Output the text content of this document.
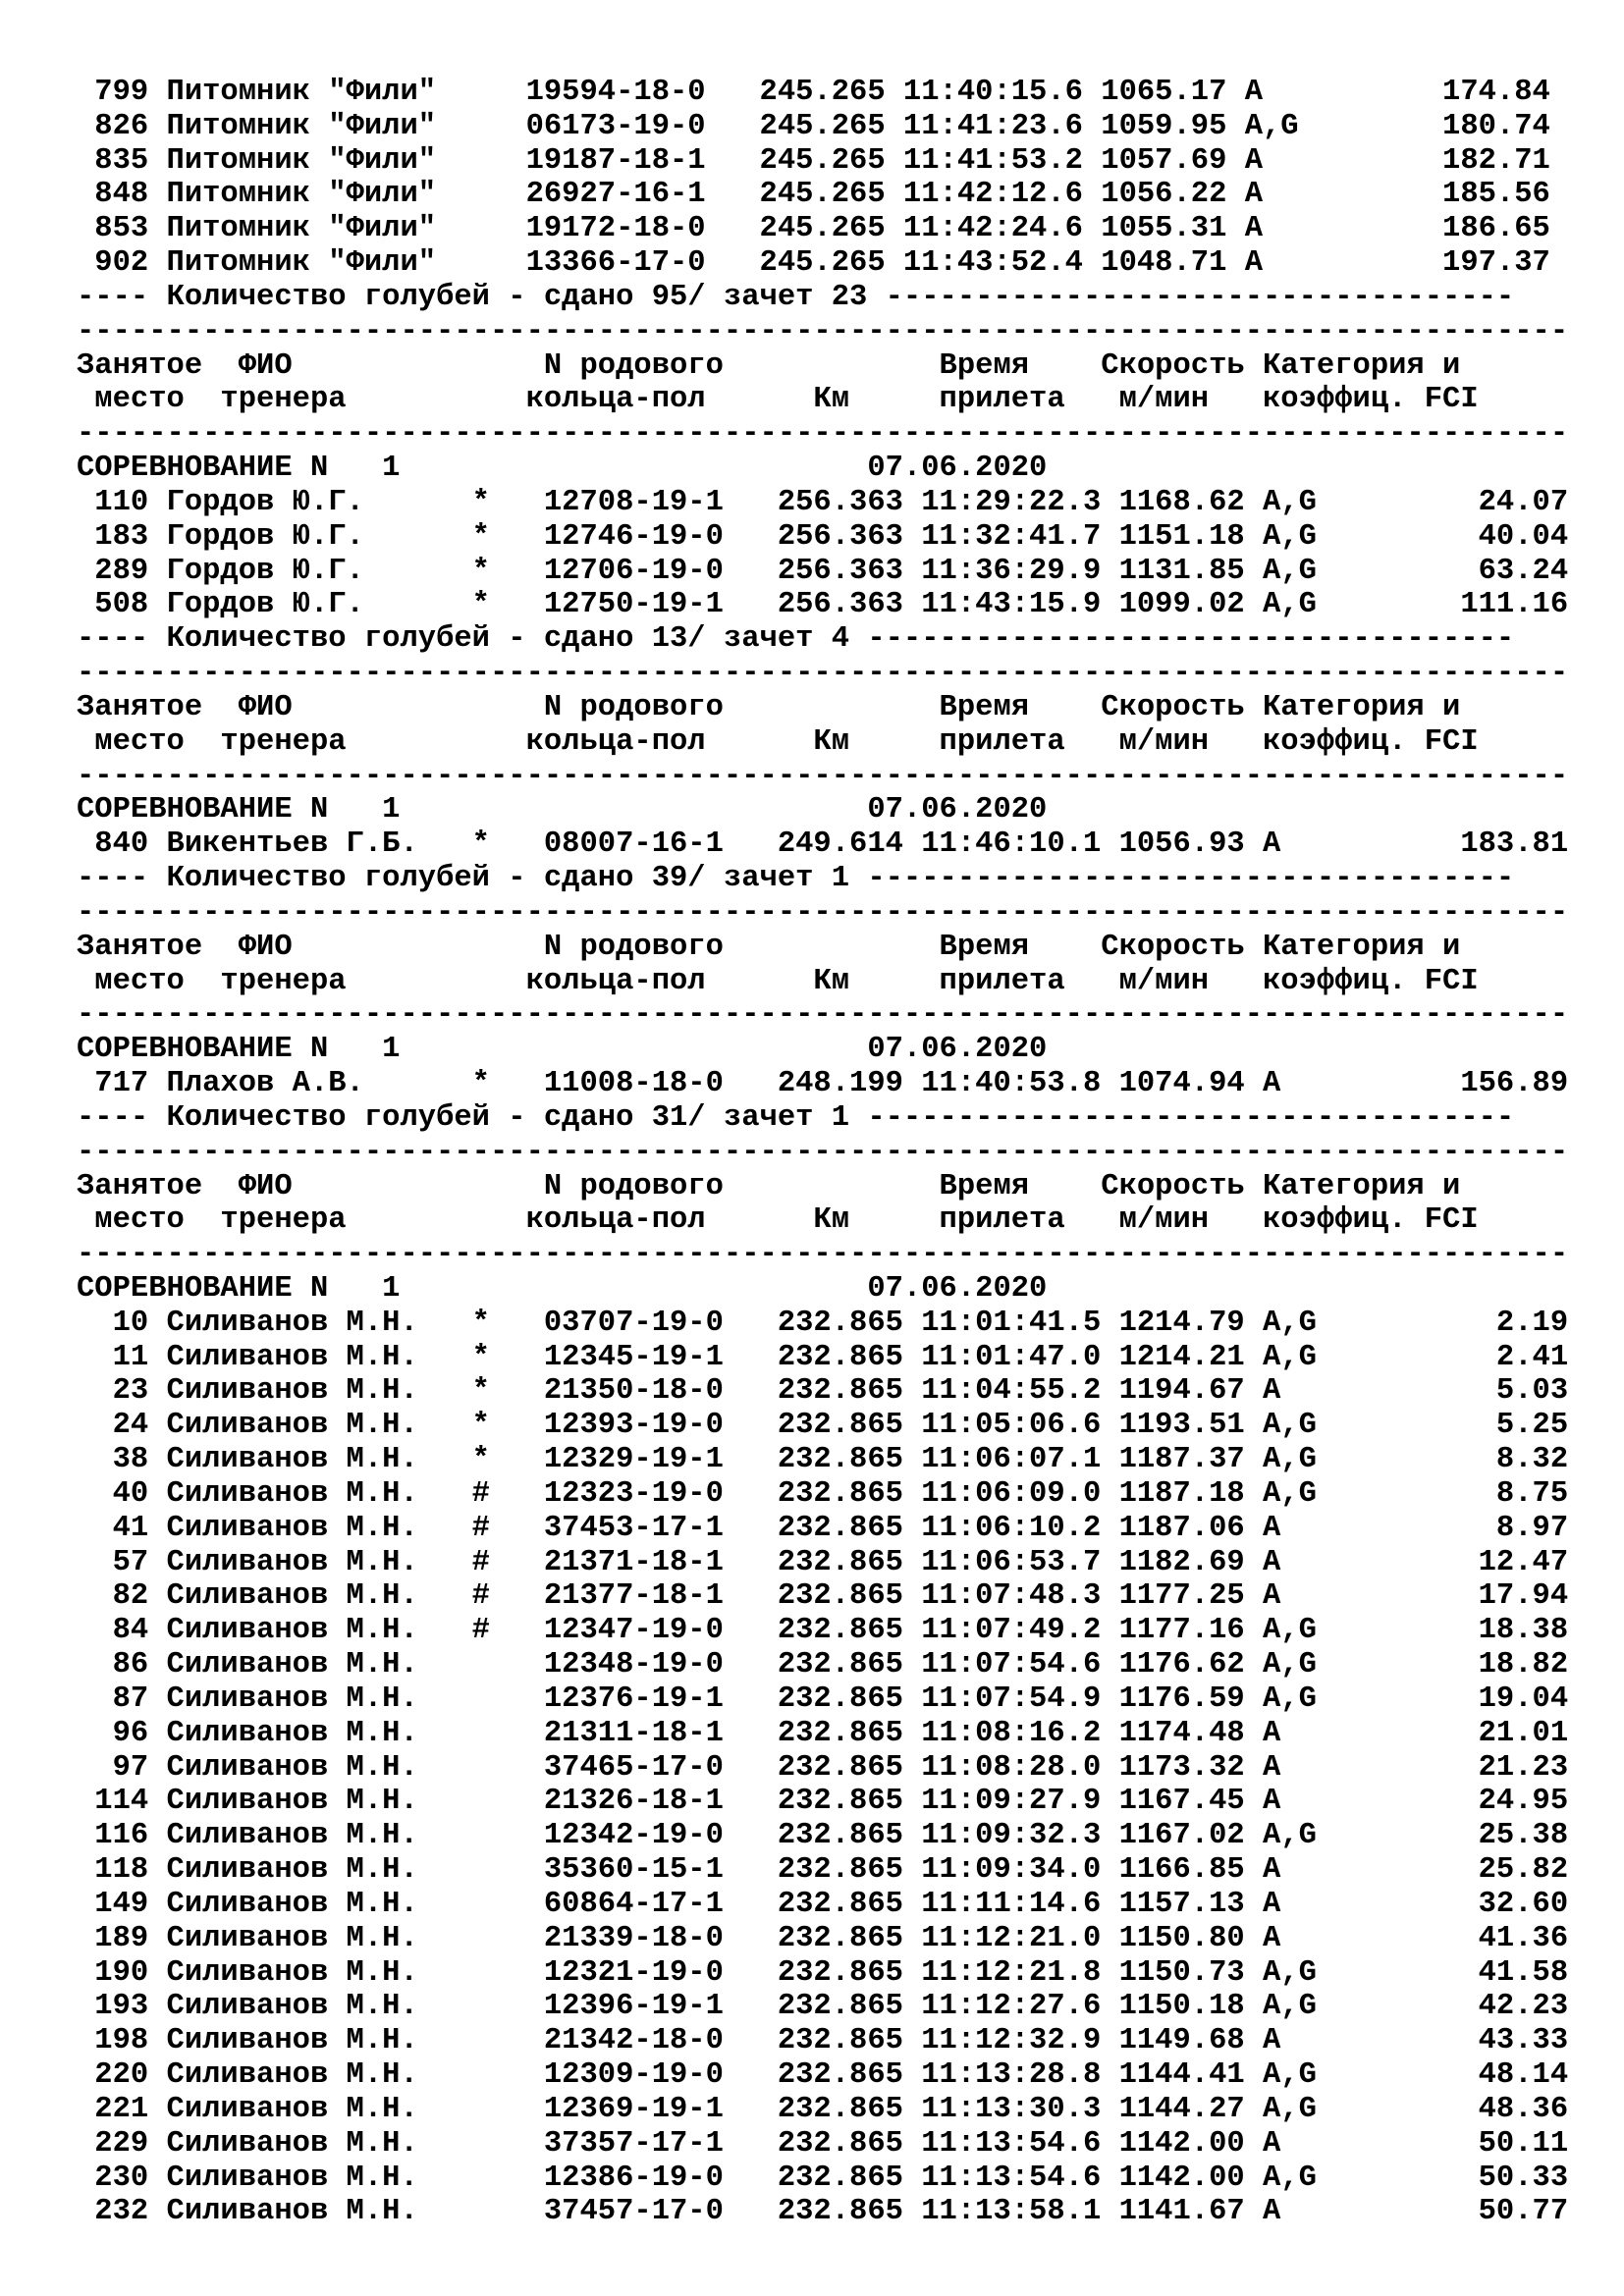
799 Питомник "Фили"     19594-18-0   245.265 11:40:15.6 1065.17 A          174.84
826 Питомник "Фили"     06173-19-0   245.265 11:41:23.6 1059.95 A,G        180.74
835 Питомник "Фили"     19187-18-1   245.265 11:41:53.2 1057.69 A          182.71
848 Питомник "Фили"     26927-16-1   245.265 11:42:12.6 1056.22 A          185.56
853 Питомник "Фили"     19172-18-0   245.265 11:42:24.6 1055.31 A          186.65
902 Питомник "Фили"     13366-17-0   245.265 11:43:52.4 1048.71 A          197.37
---- Количество голубей - сдано 95/ зачет 23 -----------------------------------
-----------------------------------------------------------------------------------
Занятое  ФИО              N родового            Время    Скорость Категория и
место  тренера          кольца-пол      Км     прилета   м/мин   коэффиц. FCI
-----------------------------------------------------------------------------------
СОРЕВНОВАНИЕ N   1                          07.06.2020
110 Гордов Ю.Г.      *   12708-19-1   256.363 11:29:22.3 1168.62 A,G         24.07
183 Гордов Ю.Г.      *   12746-19-0   256.363 11:32:41.7 1151.18 A,G         40.04
289 Гордов Ю.Г.      *   12706-19-0   256.363 11:36:29.9 1131.85 A,G         63.24
508 Гордов Ю.Г.      *   12750-19-1   256.363 11:43:15.9 1099.02 A,G        111.16
---- Количество голубей - сдано 13/ зачет 4 ------------------------------------
-----------------------------------------------------------------------------------
Занятое  ФИО              N родового            Время    Скорость Категория и
место  тренера          кольца-пол      Км     прилета   м/мин   коэффиц. FCI
-----------------------------------------------------------------------------------
СОРЕВНОВАНИЕ N   1                          07.06.2020
840 Викентьев Г.Б.   *   08007-16-1   249.614 11:46:10.1 1056.93 A          183.81
---- Количество голубей - сдано 39/ зачет 1 ------------------------------------
-----------------------------------------------------------------------------------
Занятое  ФИО              N родового            Время    Скорость Категория и
место  тренера          кольца-пол      Км     прилета   м/мин   коэффиц. FCI
-----------------------------------------------------------------------------------
СОРЕВНОВАНИЕ N   1                          07.06.2020
717 Плахов А.В.      *   11008-18-0   248.199 11:40:53.8 1074.94 A          156.89
---- Количество голубей - сдано 31/ зачет 1 ------------------------------------
-----------------------------------------------------------------------------------
Занятое  ФИО              N родового            Время    Скорость Категория и
место  тренера          кольца-пол      Км     прилета   м/мин   коэффиц. FCI
-----------------------------------------------------------------------------------
СОРЕВНОВАНИЕ N   1                          07.06.2020
10 Силиванов М.Н.   *   03707-19-0   232.865 11:01:41.5 1214.79 A,G          2.19
11 Силиванов М.Н.   *   12345-19-1   232.865 11:01:47.0 1214.21 A,G          2.41
23 Силиванов М.Н.   *   21350-18-0   232.865 11:04:55.2 1194.67 A            5.03
24 Силиванов М.Н.   *   12393-19-0   232.865 11:05:06.6 1193.51 A,G          5.25
38 Силиванов М.Н.   *   12329-19-1   232.865 11:06:07.1 1187.37 A,G          8.32
40 Силиванов М.Н.   #   12323-19-0   232.865 11:06:09.0 1187.18 A,G          8.75
41 Силиванов М.Н.   #   37453-17-1   232.865 11:06:10.2 1187.06 A            8.97
57 Силиванов М.Н.   #   21371-18-1   232.865 11:06:53.7 1182.69 A           12.47
82 Силиванов М.Н.   #   21377-18-1   232.865 11:07:48.3 1177.25 A           17.94
84 Силиванов М.Н.   #   12347-19-0   232.865 11:07:49.2 1177.16 A,G         18.38
86 Силиванов М.Н.       12348-19-0   232.865 11:07:54.6 1176.62 A,G         18.82
87 Силиванов М.Н.       12376-19-1   232.865 11:07:54.9 1176.59 A,G         19.04
96 Силиванов М.Н.       21311-18-1   232.865 11:08:16.2 1174.48 A           21.01
97 Силиванов М.Н.       37465-17-0   232.865 11:08:28.0 1173.32 A           21.23
114 Силиванов М.Н.       21326-18-1   232.865 11:09:27.9 1167.45 A           24.95
116 Силиванов М.Н.       12342-19-0   232.865 11:09:32.3 1167.02 A,G         25.38
118 Силиванов М.Н.       35360-15-1   232.865 11:09:34.0 1166.85 A           25.82
149 Силиванов М.Н.       60864-17-1   232.865 11:11:14.6 1157.13 A           32.60
189 Силиванов М.Н.       21339-18-0   232.865 11:12:21.0 1150.80 A           41.36
190 Силиванов М.Н.       12321-19-0   232.865 11:12:21.8 1150.73 A,G         41.58
193 Силиванов М.Н.       12396-19-1   232.865 11:12:27.6 1150.18 A,G         42.23
198 Силиванов М.Н.       21342-18-0   232.865 11:12:32.9 1149.68 A           43.33
220 Силиванов М.Н.       12309-19-0   232.865 11:13:28.8 1144.41 A,G         48.14
221 Силиванов М.Н.       12369-19-1   232.865 11:13:30.3 1144.27 A,G         48.36
229 Силиванов М.Н.       37357-17-1   232.865 11:13:54.6 1142.00 A           50.11
230 Силиванов М.Н.       12386-19-0   232.865 11:13:54.6 1142.00 A,G         50.33
232 Силиванов М.Н.       37457-17-0   232.865 11:13:58.1 1141.67 A           50.77
